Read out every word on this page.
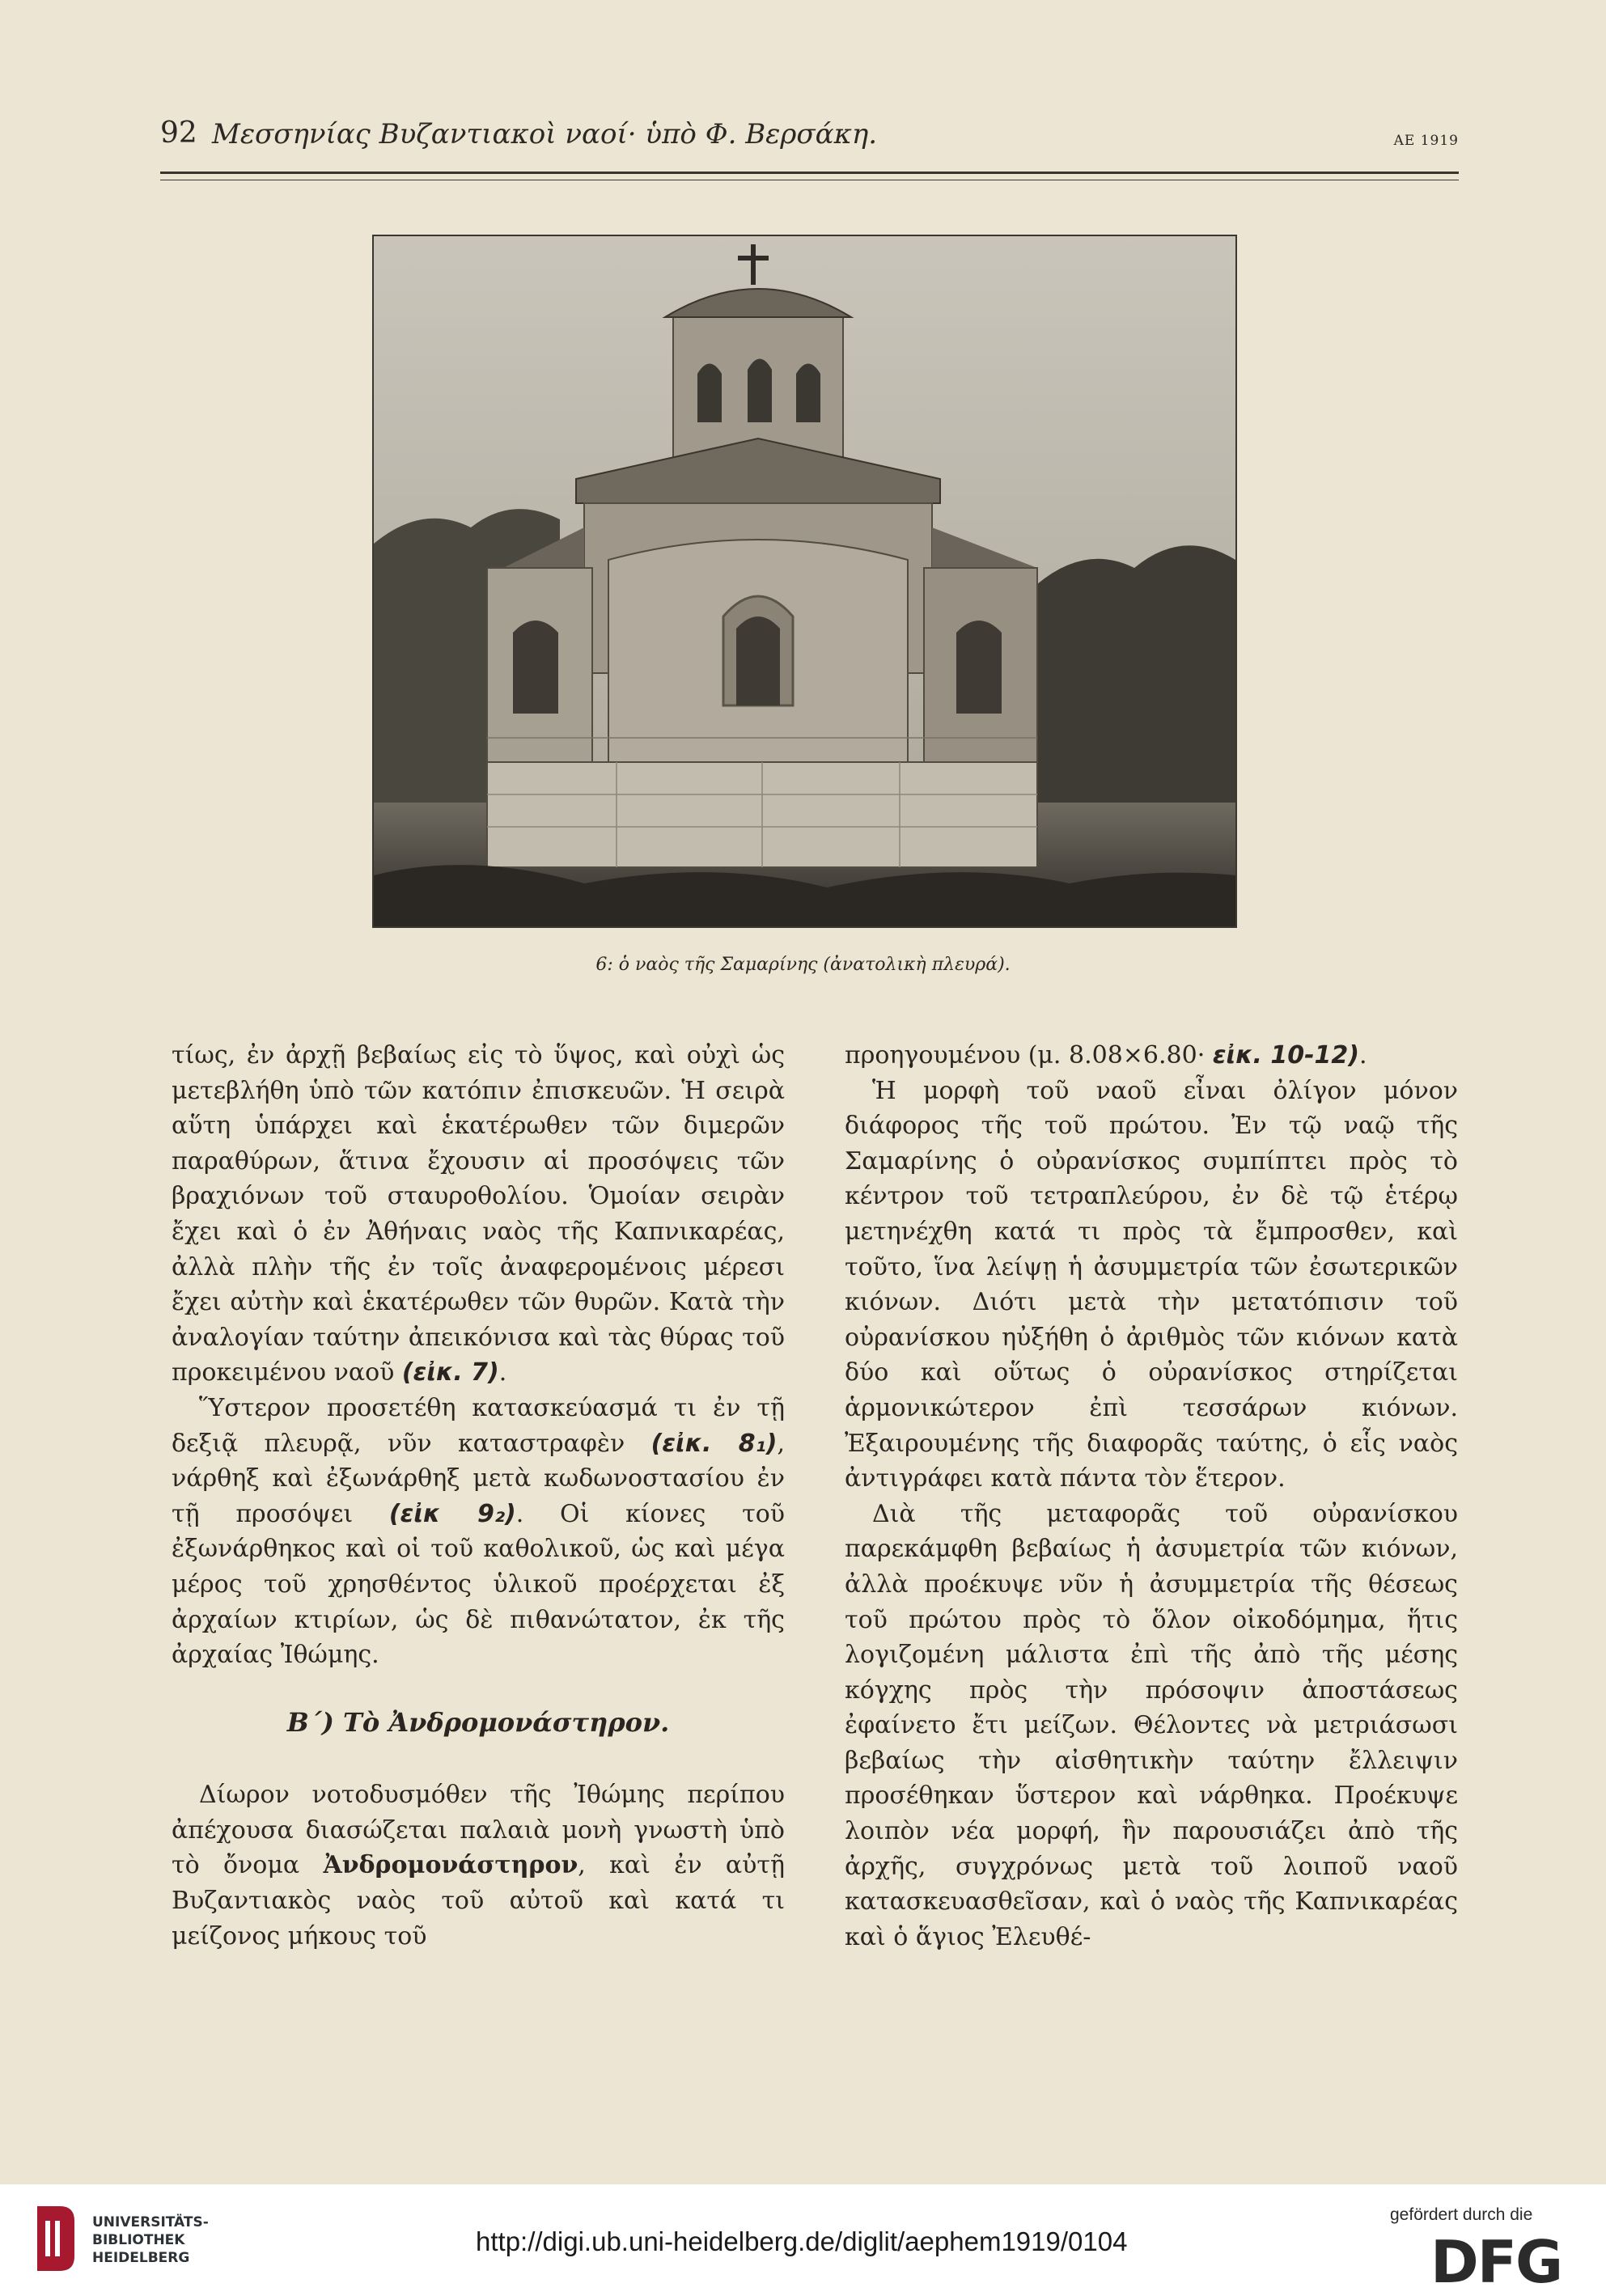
92 Μεσσηνίας Βυζαντιακοὶ ναοί· ὑπὸ Φ. Βερσάκη.	ΑΕ 1919
6: ὁ ναὸς τῆς Σαμαρίνης (ἀνατολικὴ πλευρά).

τίως, ἐν ἀρχῇ βεβαίως εἰς τὸ ὕψος, καὶ οὐχὶ ὡς μετεβλήθη ὑπὸ τῶν κατόπιν ἐπισκευῶν. Ἡ σειρὰ αὕτη ὑπάρχει καὶ ἑκατέρωθεν τῶν διμερῶν παραθύρων, ἅτινα ἔχουσιν αἱ προσόψεις τῶν βραχιόνων τοῦ σταυροθολίου. Ὁμοίαν σειρὰν ἔχει καὶ ὁ ἐν Ἀθήναις ναὸς τῆς Καπνικαρέας, ἀλλὰ πλὴν τῆς ἐν τοῖς ἀναφερομένοις μέρεσι ἔχει αὐτὴν καὶ ἑκατέρωθεν τῶν θυρῶν. Κατὰ τὴν ἀναλογίαν ταύτην ἀπεικόνισα καὶ τὰς θύρας τοῦ προκειμένου ναοῦ (εἰκ. 7).

Ὕστερον προσετέθη κατασκεύασμά τι ἐν τῇ δεξιᾷ πλευρᾷ, νῦν καταστραφὲν (εἰκ. 8₁), νάρθηξ καὶ ἐξωνάρθηξ μετὰ κωδωνοστασίου ἐν τῇ προσόψει (εἰκ 9₂). Οἱ κίονες τοῦ ἐξωνάρθηκος καὶ οἱ τοῦ καθολικοῦ, ὡς καὶ μέγα μέρος τοῦ χρησθέντος ὑλικοῦ προέρχεται ἐξ ἀρχαίων κτιρίων, ὡς δὲ πιθανώτατον, ἐκ τῆς ἀρχαίας Ἰθώμης.

Β´) Τὸ Ἀνδρομονάστηρον.

Δίωρον νοτοδυσμόθεν τῆς Ἰθώμης περίπου ἀπέχουσα διασώζεται παλαιὰ μονὴ γνωστὴ ὑπὸ τὸ ὄνομα Ἀνδρομονάστηρον, καὶ ἐν αὐτῇ Βυζαντιακὸς ναὸς τοῦ αὐτοῦ καὶ κατά τι μείζονος μήκους τοῦ

προηγουμένου (μ. 8.08×6.80· εἰκ. 10-12).

Ἡ μορφὴ τοῦ ναοῦ εἶναι ὀλίγον μόνον διάφορος τῆς τοῦ πρώτου. Ἐν τῷ ναῷ τῆς Σαμαρίνης ὁ οὐρανίσκος συμπίπτει πρὸς τὸ κέντρον τοῦ τετραπλεύρου, ἐν δὲ τῷ ἑτέρῳ μετηνέχθη κατά τι πρὸς τὰ ἔμπροσθεν, καὶ τοῦτο, ἵνα λείψῃ ἡ ἀσυμμετρία τῶν ἐσωτερικῶν κιόνων. Διότι μετὰ τὴν μετατόπισιν τοῦ οὐρανίσκου ηὐξήθη ὁ ἀριθμὸς τῶν κιόνων κατὰ δύο καὶ οὕτως ὁ οὐρανίσκος στηρίζεται ἁρμονικώτερον ἐπὶ τεσσάρων κιόνων. Ἐξαιρουμένης τῆς διαφορᾶς ταύτης, ὁ εἷς ναὸς ἀντιγράφει κατὰ πάντα τὸν ἕτερον.

Διὰ τῆς μεταφορᾶς τοῦ οὐρανίσκου παρεκάμφθη βεβαίως ἡ ἀσυμετρία τῶν κιόνων, ἀλλὰ προέκυψε νῦν ἡ ἀσυμμετρία τῆς θέσεως τοῦ πρώτου πρὸς τὸ ὅλον οἰκοδόμημα, ἥτις λογιζομένη μάλιστα ἐπὶ τῆς ἀπὸ τῆς μέσης κόγχης πρὸς τὴν πρόσοψιν ἀποστάσεως ἐφαίνετο ἔτι μείζων. Θέλοντες νὰ μετριάσωσι βεβαίως τὴν αἰσθητικὴν ταύτην ἔλλειψιν προσέθηκαν ὕστερον καὶ νάρθηκα. Προέκυψε λοιπὸν νέα μορφή, ἣν παρουσιάζει ἀπὸ τῆς ἀρχῆς, συγχρόνως μετὰ τοῦ λοιποῦ ναοῦ κατασκευασθεῖσαν, καὶ ὁ ναὸς τῆς Καπνικαρέας καὶ ὁ ἅγιος Ἐλευθέ-

UNIVERSITÄTS-
BIBLIOTHEK
HEIDELBERG
http://digi.ub.uni-heidelberg.de/diglit/aephem1919/0104
gefördert durch die
DFG
